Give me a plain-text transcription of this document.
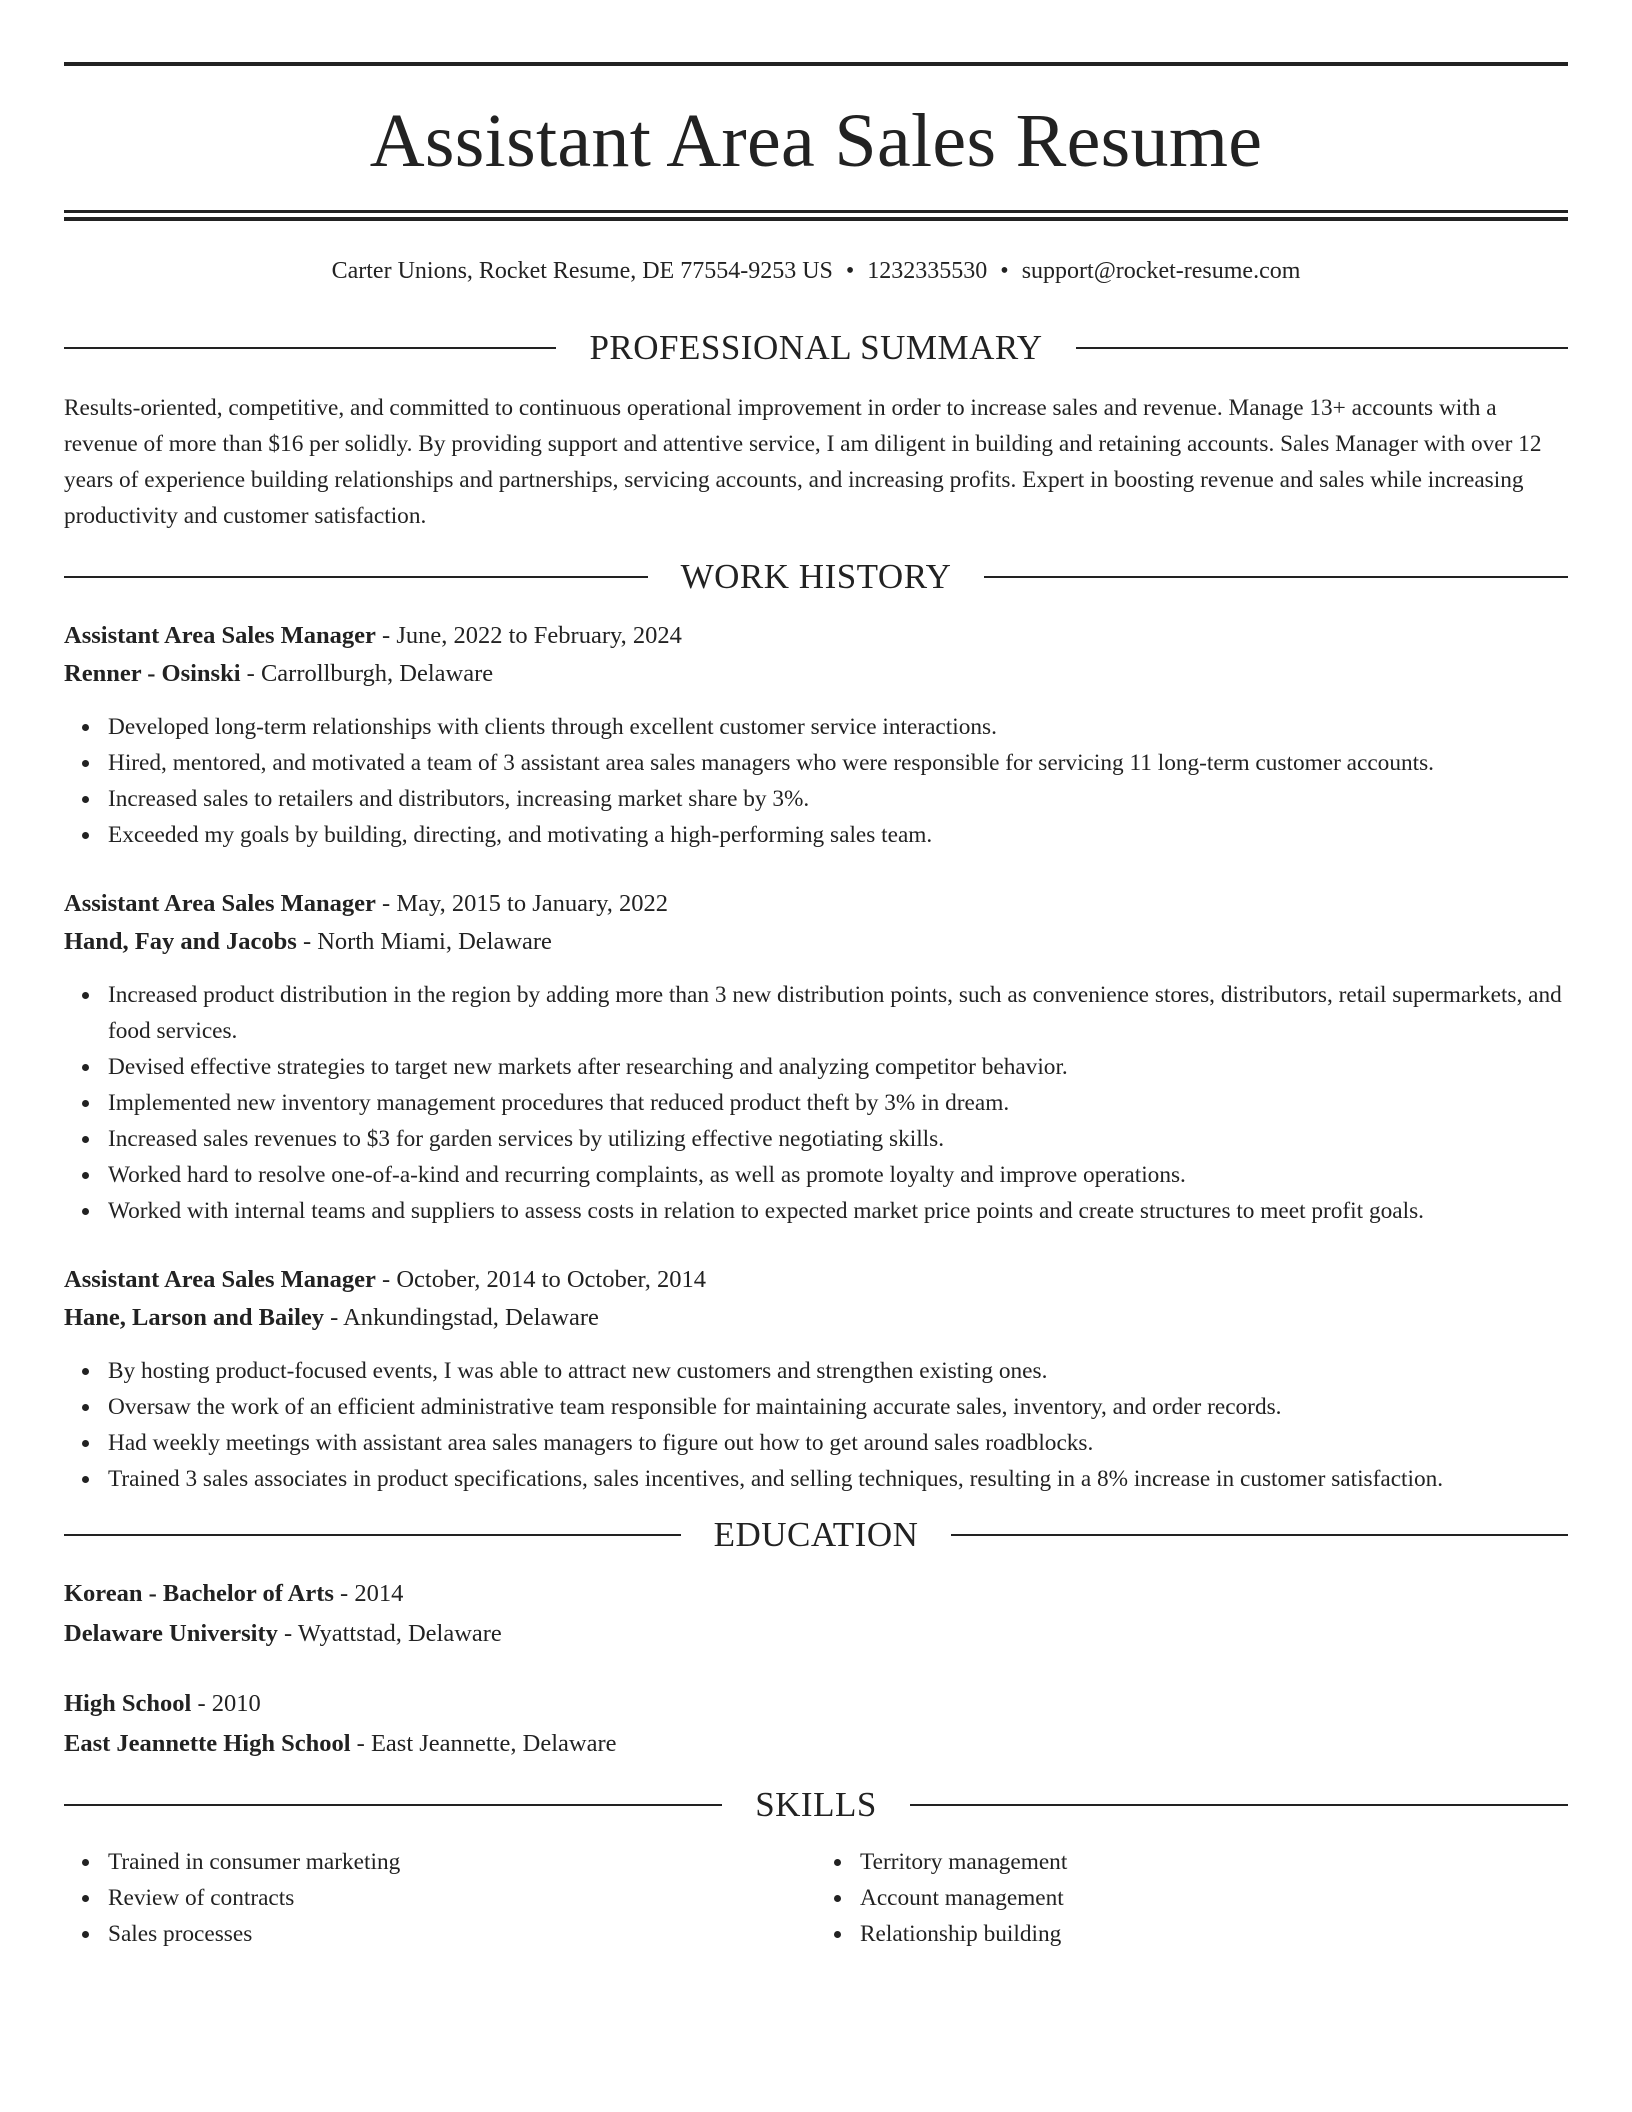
Assistant Area Sales Resume
Carter Unions, Rocket Resume, DE 77554-9253 US • 1232335530 • support@rocket-resume.com
PROFESSIONAL SUMMARY

Results-oriented, competitive, and committed to continuous operational improvement in order to increase sales and revenue. Manage 13+ accounts with a revenue of more than $16 per solidly. By providing support and attentive service, I am diligent in building and retaining accounts. Sales Manager with over 12 years of experience building relationships and partnerships, servicing accounts, and increasing profits. Expert in boosting revenue and sales while increasing productivity and customer satisfaction.

WORK HISTORY
Assistant Area Sales Manager - June, 2022 to February, 2024
Renner - Osinski - Carrollburgh, Delaware
Developed long-term relationships with clients through excellent customer service interactions.
Hired, mentored, and motivated a team of 3 assistant area sales managers who were responsible for servicing 11 long-term customer accounts.
Increased sales to retailers and distributors, increasing market share by 3%.
Exceeded my goals by building, directing, and motivating a high-performing sales team.
Assistant Area Sales Manager - May, 2015 to January, 2022
Hand, Fay and Jacobs - North Miami, Delaware
Increased product distribution in the region by adding more than 3 new distribution points, such as convenience stores, distributors, retail supermarkets, and food services.
Devised effective strategies to target new markets after researching and analyzing competitor behavior.
Implemented new inventory management procedures that reduced product theft by 3% in dream.
Increased sales revenues to $3 for garden services by utilizing effective negotiating skills.
Worked hard to resolve one-of-a-kind and recurring complaints, as well as promote loyalty and improve operations.
Worked with internal teams and suppliers to assess costs in relation to expected market price points and create structures to meet profit goals.
Assistant Area Sales Manager - October, 2014 to October, 2014
Hane, Larson and Bailey - Ankundingstad, Delaware
By hosting product-focused events, I was able to attract new customers and strengthen existing ones.
Oversaw the work of an efficient administrative team responsible for maintaining accurate sales, inventory, and order records.
Had weekly meetings with assistant area sales managers to figure out how to get around sales roadblocks.
Trained 3 sales associates in product specifications, sales incentives, and selling techniques, resulting in a 8% increase in customer satisfaction.
EDUCATION
Korean - Bachelor of Arts - 2014
Delaware University - Wyattstad, Delaware
High School - 2010
East Jeannette High School - East Jeannette, Delaware
SKILLS
Trained in consumer marketing
Review of contracts
Sales processes
Territory management
Account management
Relationship building
